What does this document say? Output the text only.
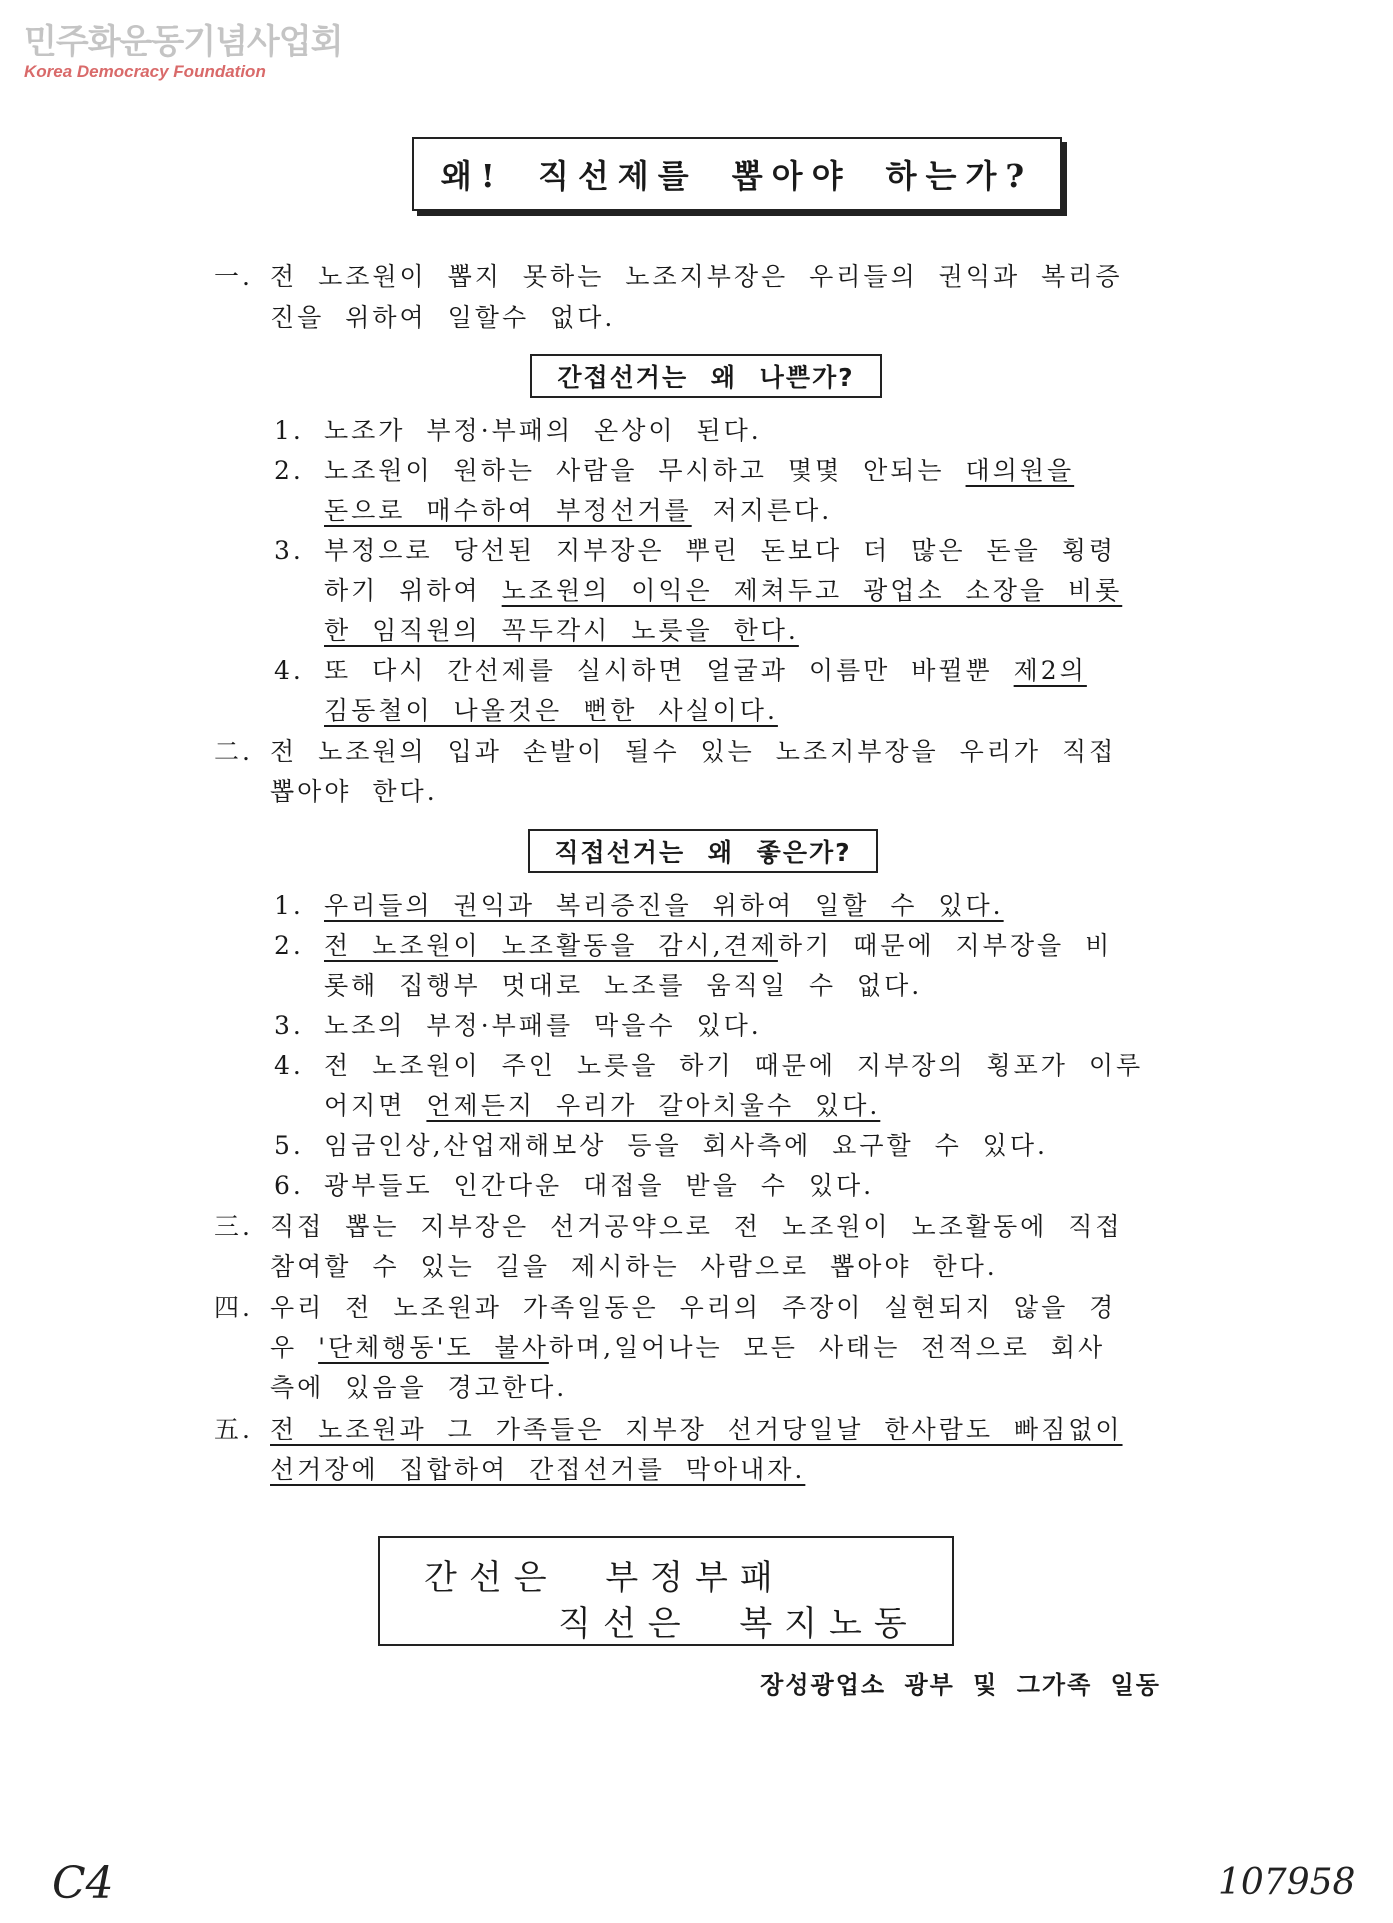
민주화운동기념사업회
Korea Democracy Foundation
왜! 직선제를 뽑아야 하는가?
一. 전 노조원이 뽑지 못하는 노조지부장은 우리들의 권익과 복리증
진을 위하여 일할수 없다.
간접선거는 왜 나쁜가?
1. 노조가 부정·부패의 온상이 된다.
2. 노조원이 원하는 사람을 무시하고 몇몇 안되는 대의원을
돈으로 매수하여 부정선거를 저지른다.
3. 부정으로 당선된 지부장은 뿌린 돈보다 더 많은 돈을 횡령
하기 위하여 노조원의 이익은 제쳐두고 광업소 소장을 비롯
한 임직원의 꼭두각시 노릇을 한다.
4. 또 다시 간선제를 실시하면 얼굴과 이름만 바뀔뿐 제2의
김동철이 나올것은 뻔한 사실이다.
二. 전 노조원의 입과 손발이 될수 있는 노조지부장을 우리가 직접
뽑아야 한다.
직접선거는 왜 좋은가?
1. 우리들의 권익과 복리증진을 위하여 일할 수 있다.
2. 전 노조원이 노조활동을 감시,견제하기 때문에 지부장을 비
롯해 집행부 멋대로 노조를 움직일 수 없다.
3. 노조의 부정·부패를 막을수 있다.
4. 전 노조원이 주인 노릇을 하기 때문에 지부장의 횡포가 이루
어지면 언제든지 우리가 갈아치울수 있다.
5. 임금인상,산업재해보상 등을 회사측에 요구할 수 있다.
6. 광부들도 인간다운 대접을 받을 수 있다.
三. 직접 뽑는 지부장은 선거공약으로 전 노조원이 노조활동에 직접
참여할 수 있는 길을 제시하는 사람으로 뽑아야 한다.
四. 우리 전 노조원과 가족일동은 우리의 주장이 실현되지 않을 경
우 '단체행동'도 불사하며,일어나는 모든 사태는 전적으로 회사
측에 있음을 경고한다.
五. 전 노조원과 그 가족들은 지부장 선거당일날 한사람도 빠짐없이
선거장에 집합하여 간접선거를 막아내자.
간선은 부정부패
직선은 복지노동
장성광업소 광부 및 그가족 일동
C4	107958
